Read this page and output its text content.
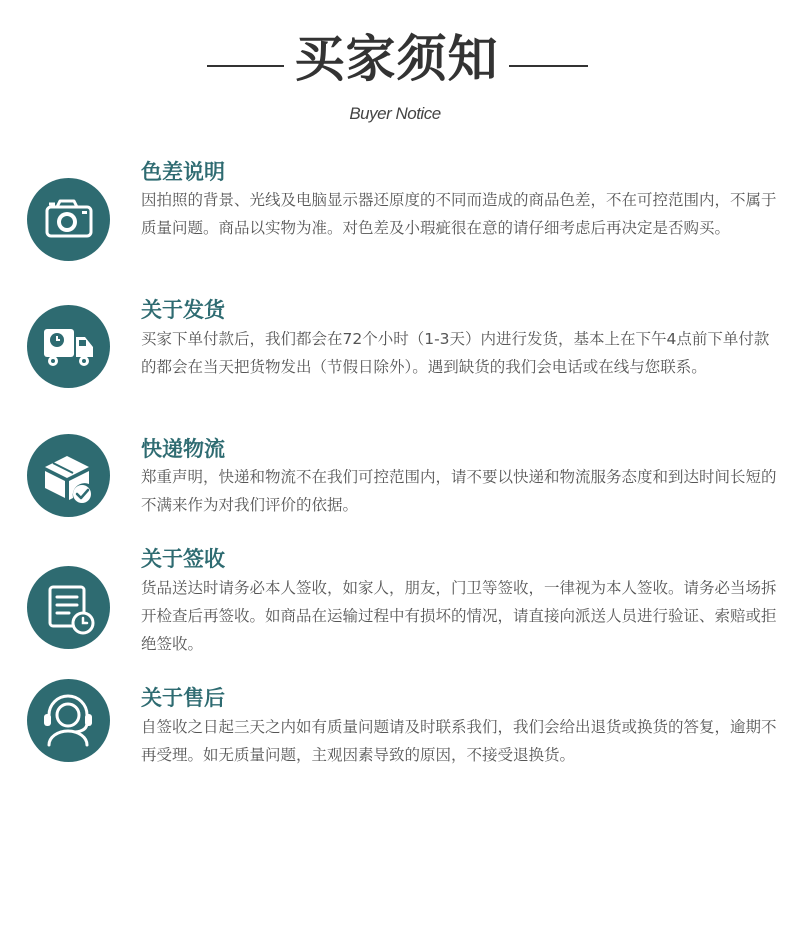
买家须知
Buyer Notice
色差说明
因拍照的背景、光线及电脑显示器还原度的不同而造成的商品色差，不在可控范围内，不属于质量问题。商品以实物为准。对色差及小瑕疵很在意的请仔细考虑后再决定是否购买。
关于发货
买家下单付款后，我们都会在72个小时（1-3天）内进行发货，基本上在下午4点前下单付款的都会在当天把货物发出（节假日除外）。遇到缺货的我们会电话或在线与您联系。
快递物流
郑重声明，快递和物流不在我们可控范围内，请不要以快递和物流服务态度和到达时间长短的不满来作为对我们评价的依据。
关于签收
货品送达时请务必本人签收，如家人，朋友，门卫等签收，一律视为本人签收。请务必当场拆开检查后再签收。如商品在运输过程中有损坏的情况，请直接向派送人员进行验证、索赔或拒绝签收。
关于售后
自签收之日起三天之内如有质量问题请及时联系我们，我们会给出退货或换货的答复，逾期不再受理。如无质量问题，主观因素导致的原因，不接受退换货。
